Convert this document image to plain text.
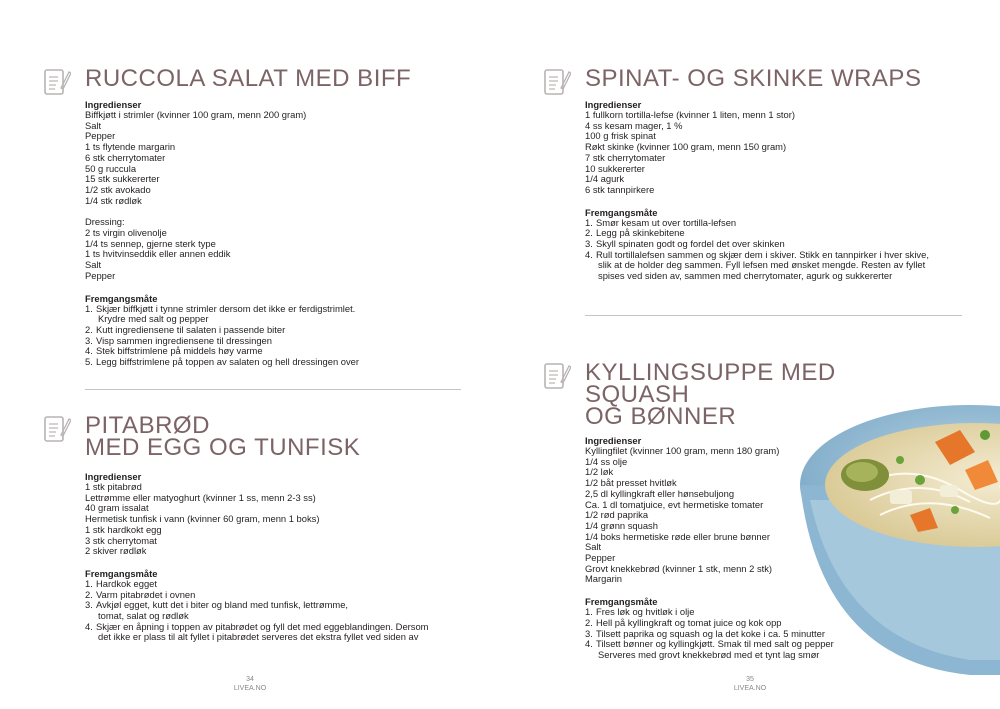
RUCCOLA SALAT MED BIFF
Ingredienser
Biffkjøtt i strimler (kvinner 100 gram, menn 200 gram)
Salt
Pepper
1 ts flytende margarin
6 stk cherrytomater
50 g ruccula
15 stk sukkererter
1/2 stk avokado
1/4 stk rødløk
Dressing:
2 ts virgin olivenolje
1/4 ts sennep, gjerne sterk type
1 ts hvitvinseddik eller annen eddik
Salt
Pepper
Fremgangsmåte
1. Skjær biffkjøtt i tynne strimler dersom det ikke er ferdigstrimlet.
Krydre med salt og pepper
2. Kutt ingrediensene til salaten i passende biter
3. Visp sammen ingrediensene til dressingen
4. Stek biffstrimlene på middels høy varme
5. Legg biffstrimlene på toppen av salaten og hell dressingen over
PITABRØD
MED EGG OG TUNFISK
Ingredienser
1 stk pitabrød
Lettrømme eller matyoghurt (kvinner 1 ss, menn 2-3 ss)
40 gram issalat
Hermetisk tunfisk i vann (kvinner 60 gram, menn 1 boks)
1 stk hardkokt egg
3 stk cherrytomat
2 skiver rødløk
Fremgangsmåte
1. Hardkok egget
2. Varm pitabrødet i ovnen
3. Avkjøl egget, kutt det i biter og bland med tunfisk, lettrømme,
tomat, salat og rødløk
4. Skjær en åpning i toppen av pitabrødet og fyll det med eggeblandingen. Dersom
det ikke er plass til alt fyllet i pitabrødet serveres det ekstra fyllet ved siden av
34
LIVEA.NO
SPINAT- OG SKINKE WRAPS
Ingredienser
1 fullkorn tortilla-lefse (kvinner 1 liten, menn 1 stor)
4 ss kesam mager, 1 %
100 g frisk spinat
Røkt skinke (kvinner 100 gram, menn 150 gram)
7 stk cherrytomater
10 sukkererter
1/4 agurk
6 stk tannpirkere
Fremgangsmåte
1. Smør kesam ut over tortilla-lefsen
2. Legg på skinkebitene
3. Skyll spinaten godt og fordel det over skinken
4. Rull tortillalefsen sammen og skjær dem i skiver. Stikk en tannpirker i hver skive,
slik at de holder deg sammen. Fyll lefsen med ønsket mengde. Resten av fyllet
spises ved siden av, sammen med cherrytomater, agurk og sukkererter
KYLLINGSUPPE MED SQUASH
OG BØNNER
Ingredienser
Kyllingfilet (kvinner 100 gram, menn 180 gram)
1/4 ss olje
1/2 løk
1/2 båt presset hvitløk
2,5 dl kyllingkraft eller hønsebuljong
Ca. 1 dl tomatjuice, evt hermetiske tomater
1/2 rød paprika
1/4 grønn squash
1/4 boks hermetiske røde eller brune bønner
Salt
Pepper
Grovt knekkebrød (kvinner 1 stk, menn 2 stk)
Margarin
Fremgangsmåte
1. Fres løk og hvitløk i olje
2. Hell på kyllingkraft og tomat juice og kok opp
3. Tilsett paprika og squash og la det koke i ca. 5 minutter
4. Tilsett bønner og kyllingkjøtt. Smak til med salt og pepper
Serveres med grovt knekkebrød med et tynt lag smør
35
LIVEA.NO
